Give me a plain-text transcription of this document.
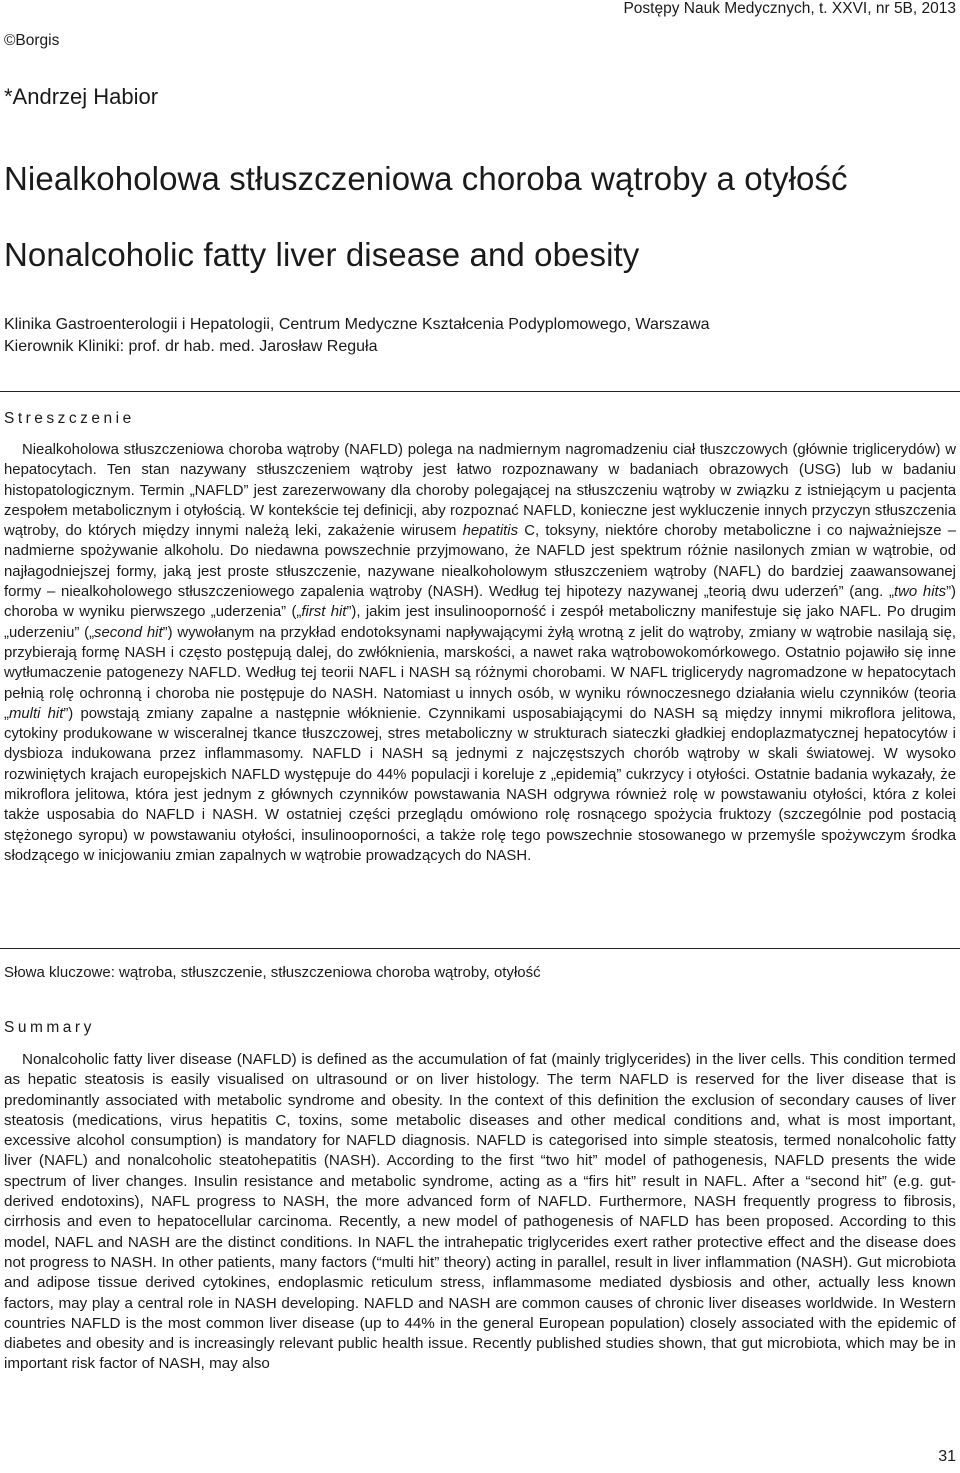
Postępy Nauk Medycznych, t. XXVI, nr 5B, 2013
©Borgis
*Andrzej Habior
Niealkoholowa stłuszczeniowa choroba wątroby a otyłość
Nonalcoholic fatty liver disease and obesity
Klinika Gastroenterologii i Hepatologii, Centrum Medyczne Kształcenia Podyplomowego, Warszawa
Kierownik Kliniki: prof. dr hab. med. Jarosław Reguła
Streszczenie

Niealkoholowa stłuszczeniowa choroba wątroby (NAFLD) polega na nadmiernym nagromadzeniu ciał tłuszczowych (głównie triglicerydów) w hepatocytach. Ten stan nazywany stłuszczeniem wątroby jest łatwo rozpoznawany w badaniach obrazowych (USG) lub w badaniu histopatologicznym. Termin „NAFLD” jest zarezerwowany dla choroby polegającej na stłuszczeniu wątroby w związku z istniejącym u pacjenta zespołem metabolicznym i otyłością. W kontekście tej definicji, aby rozpoznać NAFLD, konieczne jest wykluczenie innych przyczyn stłuszczenia wątroby, do których między innymi należą leki, zakażenie wirusem hepatitis C, toksyny, niektóre choroby metaboliczne i co najważniejsze – nadmierne spożywanie alkoholu. Do niedawna powszechnie przyjmowano, że NAFLD jest spektrum różnie nasilonych zmian w wątrobie, od najłagodniejszej formy, jaką jest proste stłuszczenie, nazywane niealkoholowym stłuszczeniem wątroby (NAFL) do bardziej zaawansowanej formy – niealkoholowego stłuszczeniowego zapalenia wątroby (NASH). Według tej hipotezy nazywanej „teorią dwu uderzeń” (ang. „two hits”) choroba w wyniku pierwszego „uderzenia” („first hit”), jakim jest insulinooporność i zespół metaboliczny manifestuje się jako NAFL. Po drugim „uderzeniu” („second hit”) wywołanym na przykład endotoksynami napływającymi żyłą wrotną z jelit do wątroby, zmiany w wątrobie nasilają się, przybierają formę NASH i często postępują dalej, do zwłóknienia, marskości, a nawet raka wątrobowokomórkowego. Ostatnio pojawiło się inne wytłumaczenie patogenezy NAFLD. Według tej teorii NAFL i NASH są różnymi chorobami. W NAFL triglicerydy nagromadzone w hepatocytach pełnią rolę ochronną i choroba nie postępuje do NASH. Natomiast u innych osób, w wyniku równoczesnego działania wielu czynników (teoria „multi hit”) powstają zmiany zapalne a następnie włóknienie. Czynnikami usposabiającymi do NASH są między innymi mikroflora jelitowa, cytokiny produkowane w wisceralnej tkance tłuszczowej, stres metaboliczny w strukturach siateczki gładkiej endoplazmatycznej hepatocytów i dysbioza indukowana przez inflammasomy. NAFLD i NASH są jednymi z najczęstszych chorób wątroby w skali światowej. W wysoko rozwiniętych krajach europejskich NAFLD występuje do 44% populacji i koreluje z „epidemią” cukrzycy i otyłości. Ostatnie badania wykazały, że mikroflora jelitowa, która jest jednym z głównych czynników powstawania NASH odgrywa również rolę w powstawaniu otyłości, która z kolei także usposabia do NAFLD i NASH. W ostatniej części przeglądu omówiono rolę rosnącego spożycia fruktozy (szczególnie pod postacią stężonego syropu) w powstawaniu otyłości, insulinooporności, a także rolę tego powszechnie stosowanego w przemyśle spożywczym środka słodzącego w inicjowaniu zmian zapalnych w wątrobie prowadzących do NASH.

Słowa kluczowe: wątroba, stłuszczenie, stłuszczeniowa choroba wątroby, otyłość
Summary

Nonalcoholic fatty liver disease (NAFLD) is defined as the accumulation of fat (mainly triglycerides) in the liver cells. This condition termed as hepatic steatosis is easily visualised on ultrasound or on liver histology. The term NAFLD is reserved for the liver disease that is predominantly associated with metabolic syndrome and obesity. In the context of this definition the exclusion of secondary causes of liver steatosis (medications, virus hepatitis C, toxins, some metabolic diseases and other medical conditions and, what is most important, excessive alcohol consumption) is mandatory for NAFLD diagnosis. NAFLD is categorised into simple steatosis, termed nonalcoholic fatty liver (NAFL) and nonalcoholic steatohepatitis (NASH). According to the first “two hit” model of pathogenesis, NAFLD presents the wide spectrum of liver changes. Insulin resistance and metabolic syndrome, acting as a “firs hit” result in NAFL. After a “second hit” (e.g. gut-derived endotoxins), NAFL progress to NASH, the more advanced form of NAFLD. Furthermore, NASH frequently progress to fibrosis, cirrhosis and even to hepatocellular carcinoma. Recently, a new model of pathogenesis of NAFLD has been proposed. According to this model, NAFL and NASH are the distinct conditions. In NAFL the intrahepatic triglycerides exert rather protective effect and the disease does not progress to NASH. In other patients, many factors (“multi hit” theory) acting in parallel, result in liver inflammation (NASH). Gut microbiota and adipose tissue derived cytokines, endoplasmic reticulum stress, inflammasome mediated dysbiosis and other, actually less known factors, may play a central role in NASH developing. NAFLD and NASH are common causes of chronic liver diseases worldwide. In Western countries NAFLD is the most common liver disease (up to 44% in the general European population) closely associated with the epidemic of diabetes and obesity and is increasingly relevant public health issue. Recently published studies shown, that gut microbiota, which may be in important risk factor of NASH, may also

31
